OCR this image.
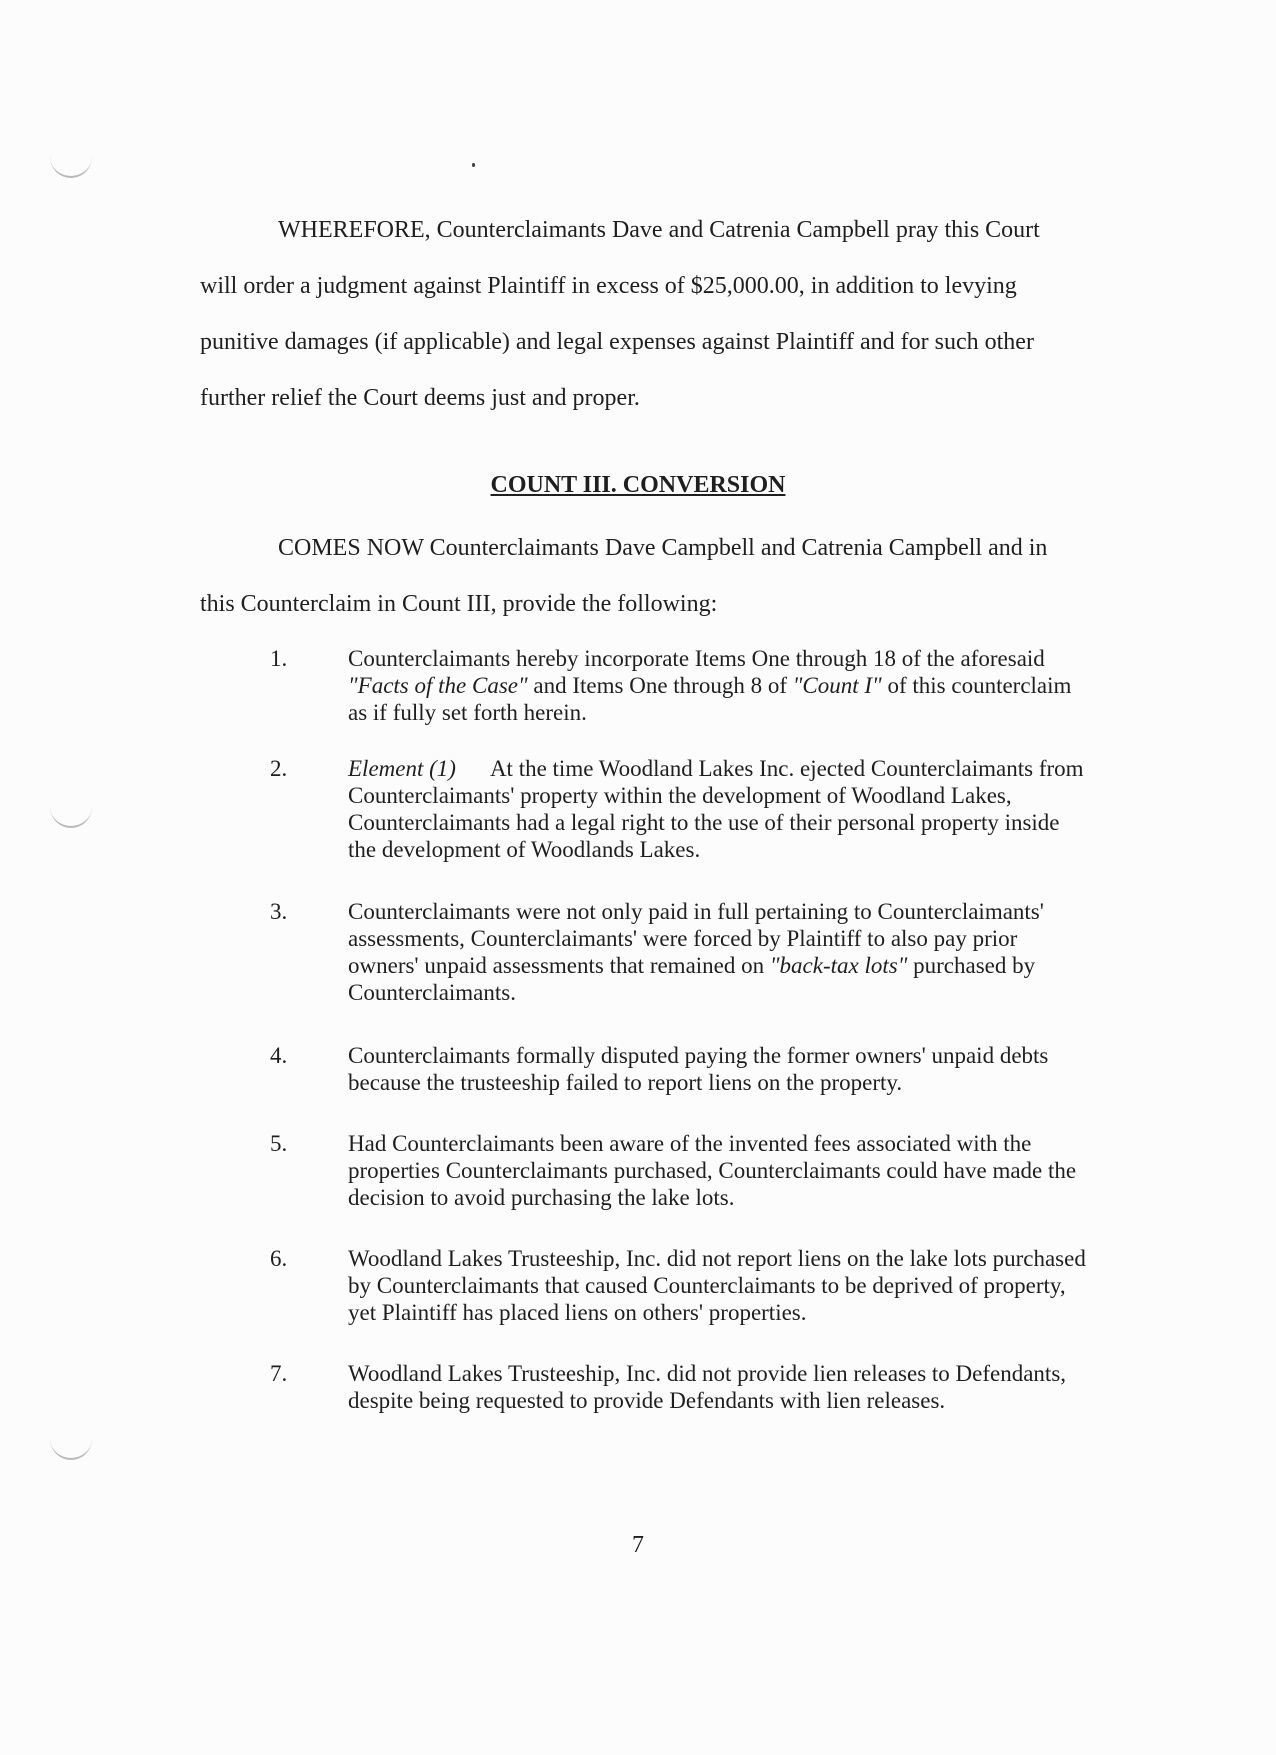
WHEREFORE, Counterclaimants Dave and Catrenia Campbell pray this Court will order a judgment against Plaintiff in excess of $25,000.00, in addition to levying punitive damages (if applicable) and legal expenses against Plaintiff and for such other further relief the Court deems just and proper.

COUNT III. CONVERSION

COMES NOW Counterclaimants Dave Campbell and Catrenia Campbell and in this Counterclaim in Count III, provide the following:

1.	Counterclaimants hereby incorporate Items One through 18 of the aforesaid "Facts of the Case" and Items One through 8 of "Count I" of this counterclaim as if fully set forth herein.

2.	Element (1) At the time Woodland Lakes Inc. ejected Counterclaimants from Counterclaimants' property within the development of Woodland Lakes, Counterclaimants had a legal right to the use of their personal property inside the development of Woodlands Lakes.

3.	Counterclaimants were not only paid in full pertaining to Counterclaimants' assessments, Counterclaimants' were forced by Plaintiff to also pay prior owners' unpaid assessments that remained on "back-tax lots" purchased by Counterclaimants.

4.	Counterclaimants formally disputed paying the former owners' unpaid debts because the trusteeship failed to report liens on the property.

5.	Had Counterclaimants been aware of the invented fees associated with the properties Counterclaimants purchased, Counterclaimants could have made the decision to avoid purchasing the lake lots.

6.	Woodland Lakes Trusteeship, Inc. did not report liens on the lake lots purchased by Counterclaimants that caused Counterclaimants to be deprived of property, yet Plaintiff has placed liens on others' properties.

7.	Woodland Lakes Trusteeship, Inc. did not provide lien releases to Defendants, despite being requested to provide Defendants with lien releases.

7
